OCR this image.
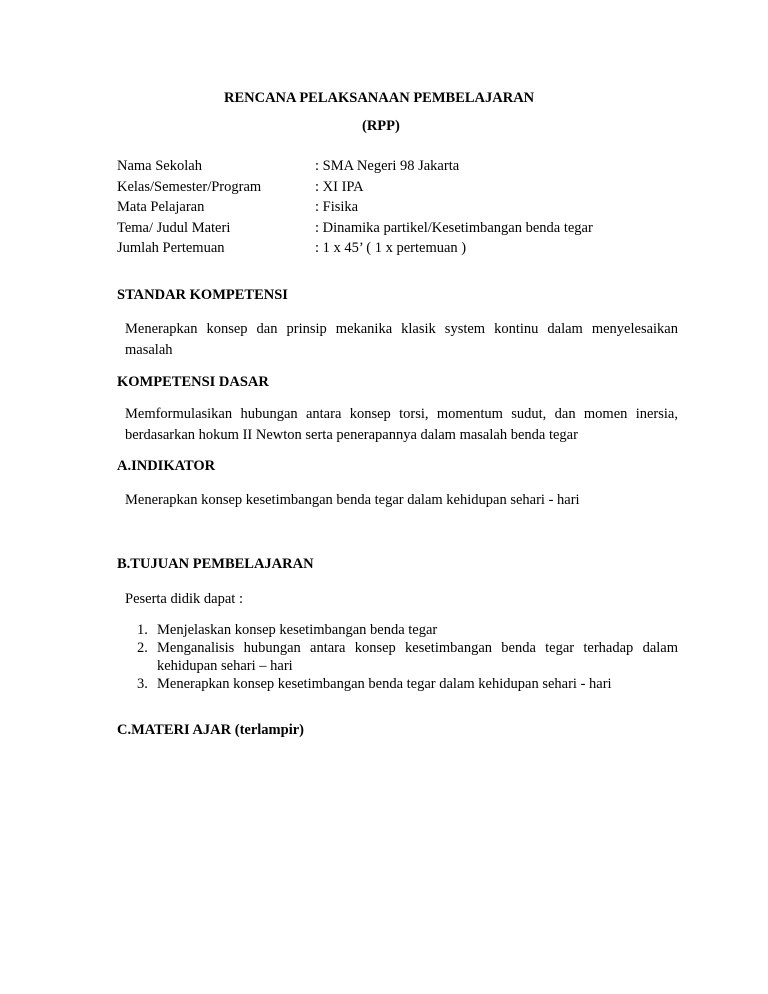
RENCANA PELAKSANAAN PEMBELAJARAN
(RPP)
Nama Sekolah	: SMA Negeri 98 Jakarta
Kelas/Semester/Program	: XI IPA
Mata Pelajaran	: Fisika
Tema/ Judul Materi	: Dinamika partikel/Kesetimbangan benda tegar
Jumlah Pertemuan	: 1 x 45’ ( 1 x pertemuan )
STANDAR KOMPETENSI
Menerapkan konsep dan prinsip mekanika klasik system kontinu dalam menyelesaikan masalah
KOMPETENSI DASAR
Memformulasikan hubungan antara konsep torsi, momentum sudut, dan momen inersia, berdasarkan hokum II Newton serta penerapannya dalam masalah benda tegar
A.INDIKATOR
Menerapkan konsep kesetimbangan benda tegar dalam kehidupan sehari - hari
B.TUJUAN PEMBELAJARAN
Peserta didik dapat :
1. Menjelaskan konsep kesetimbangan benda tegar
2. Menganalisis hubungan antara konsep kesetimbangan benda tegar terhadap dalam kehidupan sehari – hari
3. Menerapkan konsep kesetimbangan benda tegar dalam kehidupan sehari - hari
C.MATERI AJAR (terlampir)
